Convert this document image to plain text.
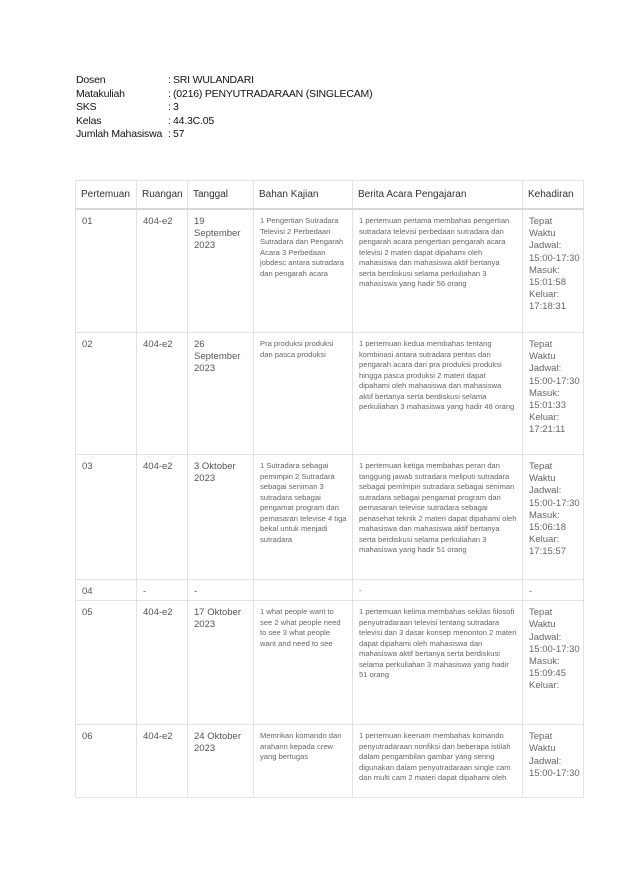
Dosen	: SRI WULANDARI
Matakuliah	: (0216) PENYUTRADARAAN (SINGLECAM)
SKS	: 3
Kelas	: 44.3C.05
Jumlah Mahasiswa : 57
Pertemuan	Ruangan	Tanggal	Bahan Kajian	Berita Acara Pengajaran	Kehadiran
01	404-e2	19 September 2023	1 Pengertian Sutradara Televisi 2 Perbedaan Sutradara dan Pengarah Acara 3 Perbedaan jobdesc antara sutradara dan pengarah acara	1 pertemuan pertama membahas pengertian sutradara televisi perbedaan sutradara dan pengarah acara pengertian pengarah acara televisi 2 materi dapat dipahami oleh mahasiswa dan mahasiswa aktif bertanya serta berdiskusi selama perkuliahan 3 mahasiswa yang hadir 56 orang	Tepat Waktu Jadwal: 15:00-17:30 Masuk: 15:01:58 Keluar: 17:18:31
02	404-e2	26 September 2023	Pra produksi produksi dan pasca produksi	1 pertemuan kedua membahas tentang kombinasi antara sutradara pentas dan pengarah acara dari pra produksi produksi hingga pasca produksi 2 materi dapat dipahami oleh mahasiswa dan mahasiswa aktif bertanya serta berdiskusi selama perkuliahan 3 mahasiswa yang hadir 48 orang	Tepat Waktu Jadwal: 15:00-17:30 Masuk: 15:01:33 Keluar: 17:21:11
03	404-e2	3 Oktober 2023	1 Sutradara sebagai pemimpin 2 Sutradara sebagai seniman 3 sutradara sebagai pengamat program dan pemasaran televise 4 tiga bekal untuk menjadi sutradara	1 pertemuan ketiga membahas peran dan tanggung jawab sutradara meliputi sutradara sebagai pemimpin sutradara sebagai seniman sutradara sebagai pengamat program dan pemasaran televise sutradara sebagai penasehat teknik 2 materi dapat dipahami oleh mahasiswa dan mahasiswa aktif bertanya serta berdiskusi selama perkuliahan 3 mahasiswa yang hadir 51 orang	Tepat Waktu Jadwal: 15:00-17:30 Masuk: 15:06:18 Keluar: 17:15:57
04	-	-		-	-
05	404-e2	17 Oktober 2023	1 what people want to see 2 what people need to see 3 what people want and need to see	1 pertemuan kelima membahas sekilas filosofi penyutradaraan televisi tentang sutradara televisi dan 3 dasar konsep menonton 2 materi dapat dipahami oleh mahasiswa dan mahasiswa aktif bertanya serta berdiskusi selama perkuliahan 3 mahasiswa yang hadir 51 orang	Tepat Waktu Jadwal: 15:00-17:30 Masuk: 15:09:45 Keluar:
06	404-e2	24 Oktober 2023	Memrikan komando dan arahann kepada crew yang bertugas	1 pertemuan keenam membahas komando penyutradaraan nonfiksi dan beberapa istilah dalam pengambilan gambar yang sering digunakan dalam penyutradaraan single cam dan multi cam 2 materi dapat dipahami oleh	Tepat Waktu Jadwal: 15:00-17:30
